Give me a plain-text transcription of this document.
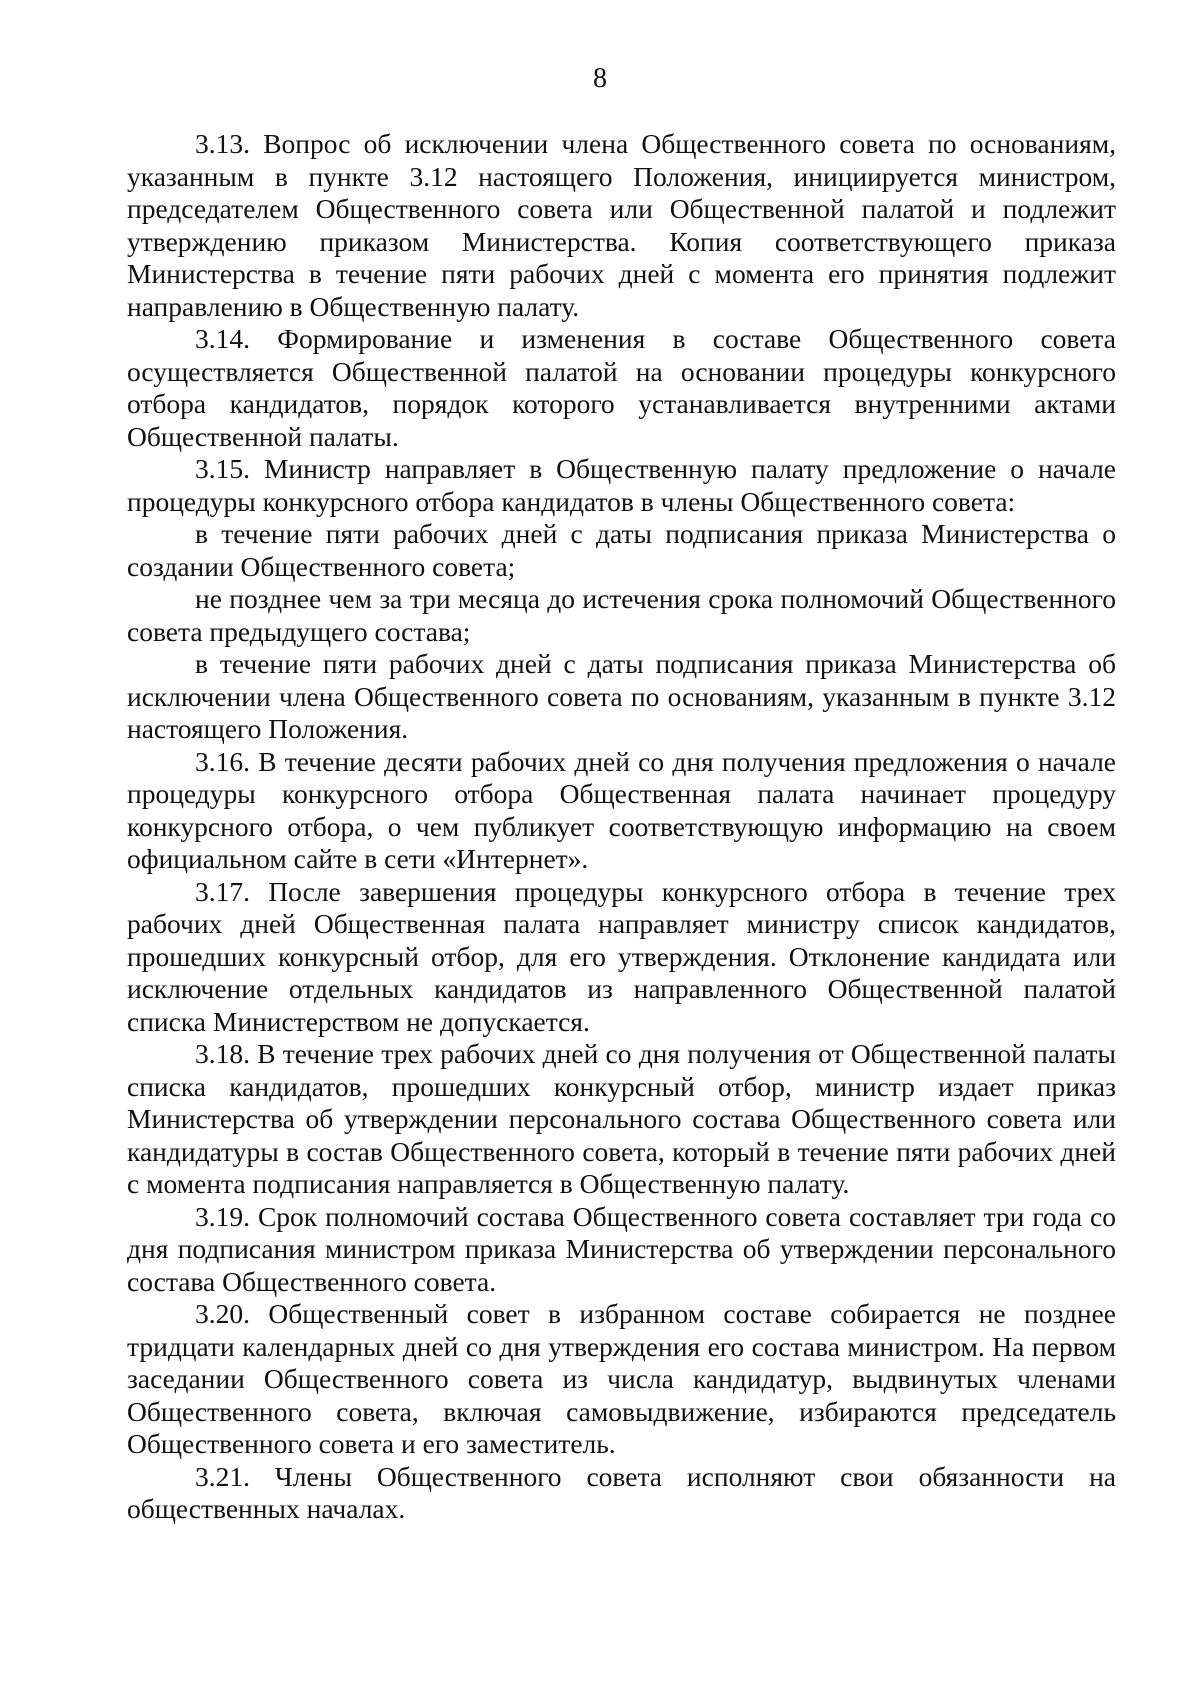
8

3.13. Вопрос об исключении члена Общественного совета по основаниям, указанным в пункте 3.12 настоящего Положения, инициируется министром, председателем Общественного совета или Общественной палатой и подлежит утверждению приказом Министерства. Копия соответствующего приказа Министерства в течение пяти рабочих дней с момента его принятия подлежит направлению в Общественную палату.

3.14. Формирование и изменения в составе Общественного совета осуществляется Общественной палатой на основании процедуры конкурсного отбора кандидатов, порядок которого устанавливается внутренними актами Общественной палаты.

3.15. Министр направляет в Общественную палату предложение о начале процедуры конкурсного отбора кандидатов в члены Общественного совета:

в течение пяти рабочих дней с даты подписания приказа Министерства о создании Общественного совета;

не позднее чем за три месяца до истечения срока полномочий Общественного совета предыдущего состава;

в течение пяти рабочих дней с даты подписания приказа Министерства об исключении члена Общественного совета по основаниям, указанным в пункте 3.12 настоящего Положения.

3.16. В течение десяти рабочих дней со дня получения предложения о начале процедуры конкурсного отбора Общественная палата начинает процедуру конкурсного отбора, о чем публикует соответствующую информацию на своем официальном сайте в сети «Интернет».

3.17. После завершения процедуры конкурсного отбора в течение трех рабочих дней Общественная палата направляет министру список кандидатов, прошедших конкурсный отбор, для его утверждения. Отклонение кандидата или исключение отдельных кандидатов из направленного Общественной палатой списка Министерством не допускается.

3.18. В течение трех рабочих дней со дня получения от Общественной палаты списка кандидатов, прошедших конкурсный отбор, министр издает приказ Министерства об утверждении персонального состава Общественного совета или кандидатуры в состав Общественного совета, который в течение пяти рабочих дней с момента подписания направляется в Общественную палату.

3.19. Срок полномочий состава Общественного совета составляет три года со дня подписания министром приказа Министерства об утверждении персонального состава Общественного совета.

3.20. Общественный совет в избранном составе собирается не позднее тридцати календарных дней со дня утверждения его состава министром. На первом заседании Общественного совета из числа кандидатур, выдвинутых членами Общественного совета, включая самовыдвижение, избираются председатель Общественного совета и его заместитель.

3.21. Члены Общественного совета исполняют свои обязанности на общественных началах.
